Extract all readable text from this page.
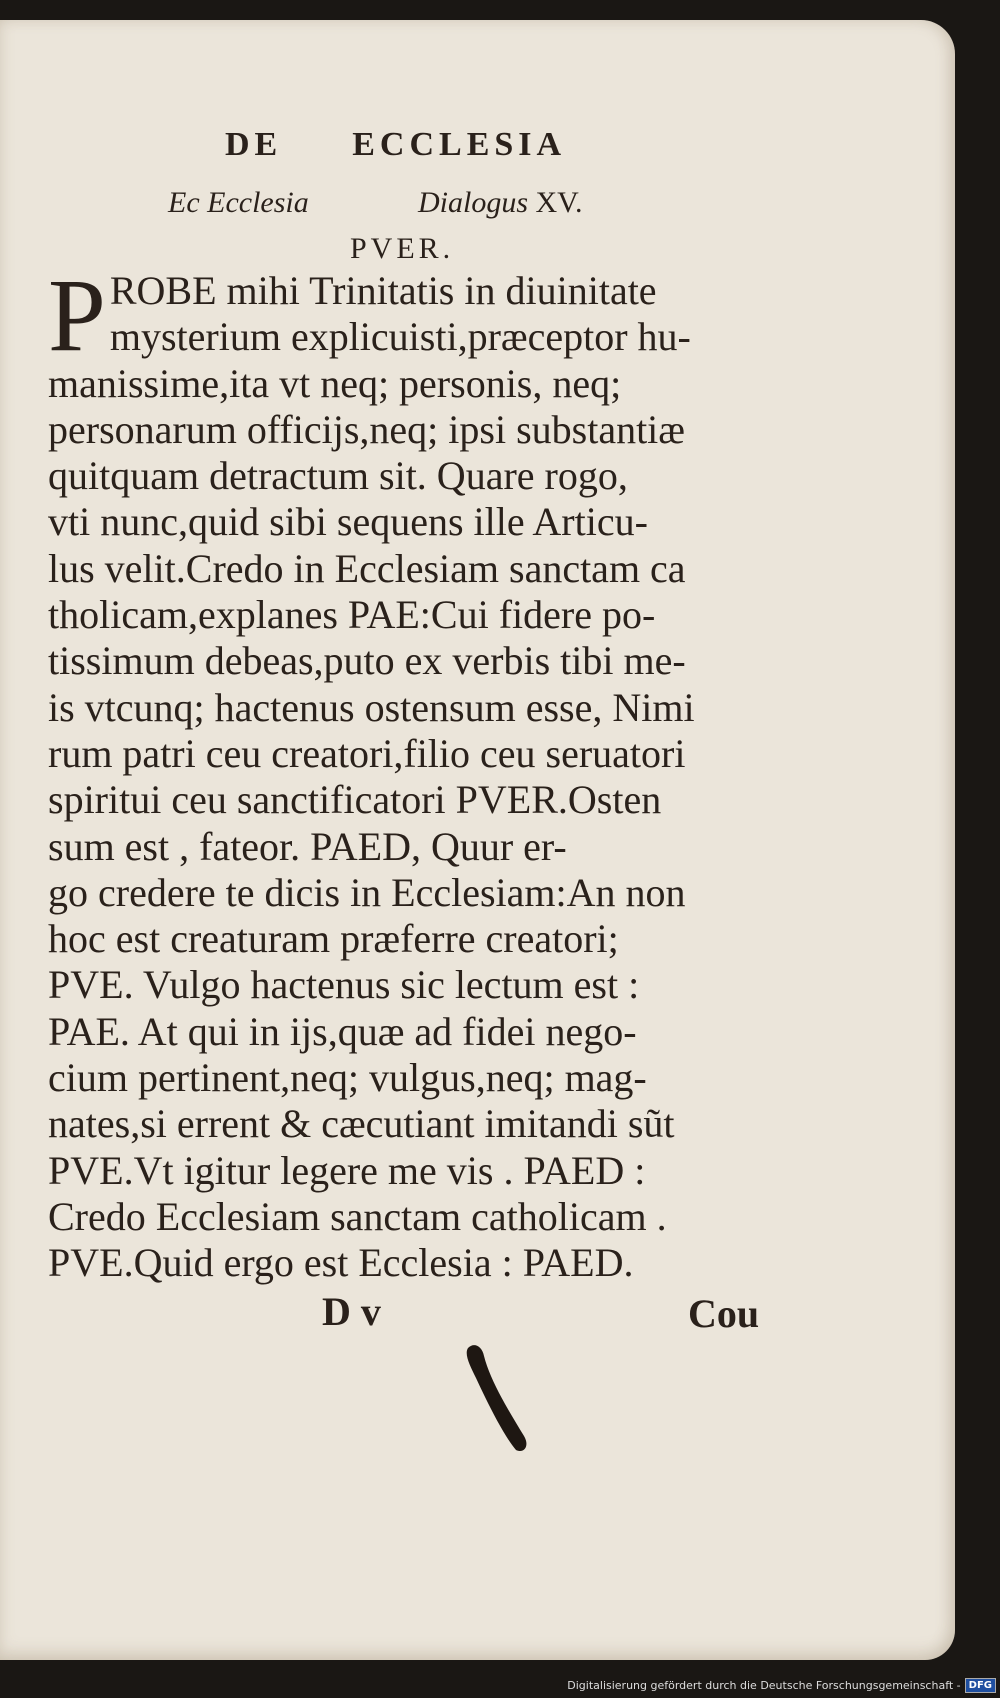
DE ECCLESIA
Ec Ecclesia	Dialogus XV.
PVER.
P ROBE mihi Trinitatis in diuinitate
mysterium explicuisti,præceptor hu-
manissime,ita vt neq; personis, neq;
personarum officijs,neq; ipsi substantiæ
quitquam detractum sit. Quare rogo,
vti nunc,quid sibi sequens ille Articu-
lus velit.Credo in Ecclesiam sanctam ca
tholicam,explanes PAE:Cui fidere po-
tissimum debeas,puto ex verbis tibi me-
is vtcunq; hactenus ostensum esse, Nimi
rum patri ceu creatori,filio ceu seruatori
spiritui ceu sanctificatori PVER.Osten
sum est , fateor. PAED, Quur er-
go credere te dicis in Ecclesiam:An non
hoc est creaturam præferre creatori;
PVE. Vulgo hactenus sic lectum est :
PAE. At qui in ijs,quæ ad fidei nego-
cium pertinent,neq; vulgus,neq; mag-
nates,si errent & cæcutiant imitandi sũt
PVE.Vt igitur legere me vis . PAED :
Credo Ecclesiam sanctam catholicam .
PVE.Quid ergo est Ecclesia : PAED.
D v	Cou
Digitalisierung gefördert durch die Deutsche Forschungsgemeinschaft - DFG
